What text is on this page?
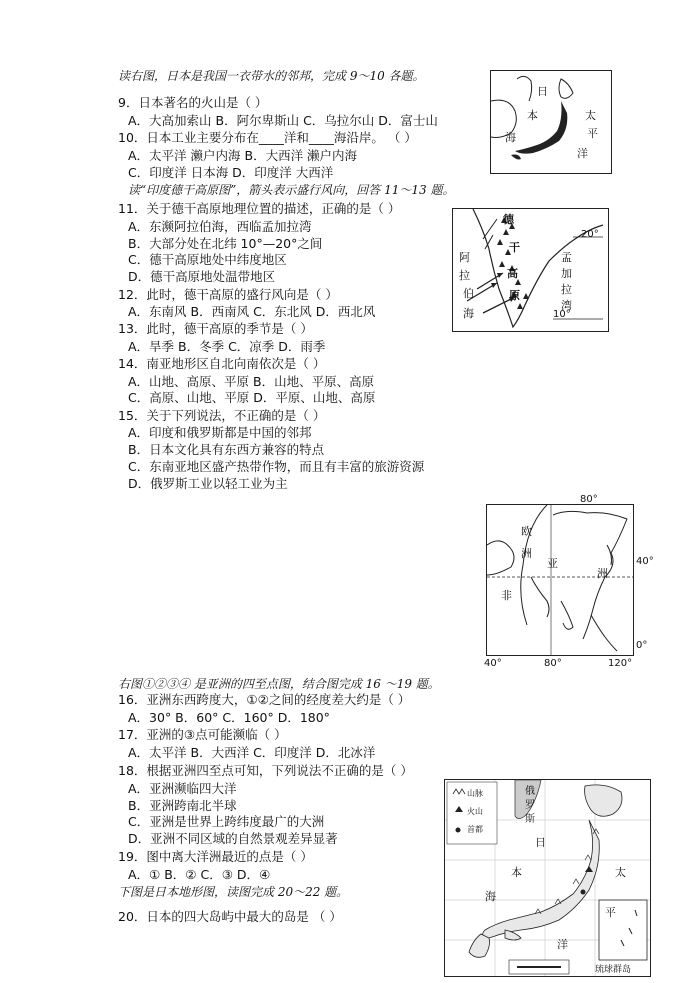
读右图，日本是我国一衣带水的邻邦，完成 9～10 各题。
9．日本著名的火山是（ ）
A．大高加索山 B．阿尔卑斯山 C．乌拉尔山 D．富士山
10．日本工业主要分布在____洋和____海沿岸。 （ ）
A．太平洋 濑户内海 B．大西洋 濑户内海
C．印度洋 日本海 D．印度洋 大西洋
读“印度德干高原图”，箭头表示盛行风向，回答 11～13 题。
11．关于德干高原地理位置的描述，正确的是（ ）
A．东濒阿拉伯海，西临孟加拉湾
B．大部分处在北纬 10°—20°之间
C．德干高原地处中纬度地区
D．德干高原地处温带地区
12．此时，德干高原的盛行风向是（ ）
A．东南风 B．西南风 C．东北风 D．西北风
13．此时，德干高原的季节是（ ）
A．旱季 B．冬季 C．凉季 D．雨季
14．南亚地形区自北向南依次是（ ）
A．山地、高原、平原 B．山地、平原、高原
C．高原、山地、平原 D．平原、山地、高原
15．关于下列说法，不正确的是（ ）
A．印度和俄罗斯都是中国的邻邦
B．日本文化具有东西方兼容的特点
C．东南亚地区盛产热带作物，而且有丰富的旅游资源
D．俄罗斯工业以轻工业为主
右图①②③④ 是亚洲的四至点图，结合图完成 16 ～19 题。
16．亚洲东西跨度大，①②之间的经度差大约是（ ）
A．30° B．60° C．160° D．180°
17．亚洲的③点可能濒临（ ）
A．太平洋 B．大西洋 C．印度洋 D．北冰洋
18．根据亚洲四至点可知，下列说法不正确的是（ ）
A．亚洲濒临四大洋
B．亚洲跨南北半球
C．亚洲是世界上跨纬度最广的大洲
D．亚洲不同区域的自然景观差异显著
19．图中离大洋洲最近的点是（ ）
A．① B．② C．③ D．④
下图是日本地形图，读图完成 20～22 题。
20．日本的四大岛屿中最大的岛是 （ ）
日
本
海
太
平
洋
德
干
高
原
阿
拉
伯
海
孟
加
拉
湾
20°
10°
欧
洲
亚
洲
非
80°
40°
0°
40°	80°	120°
山脉
火山
首都
俄
罗
斯
日
本
海
太
平
洋
琉球群岛
